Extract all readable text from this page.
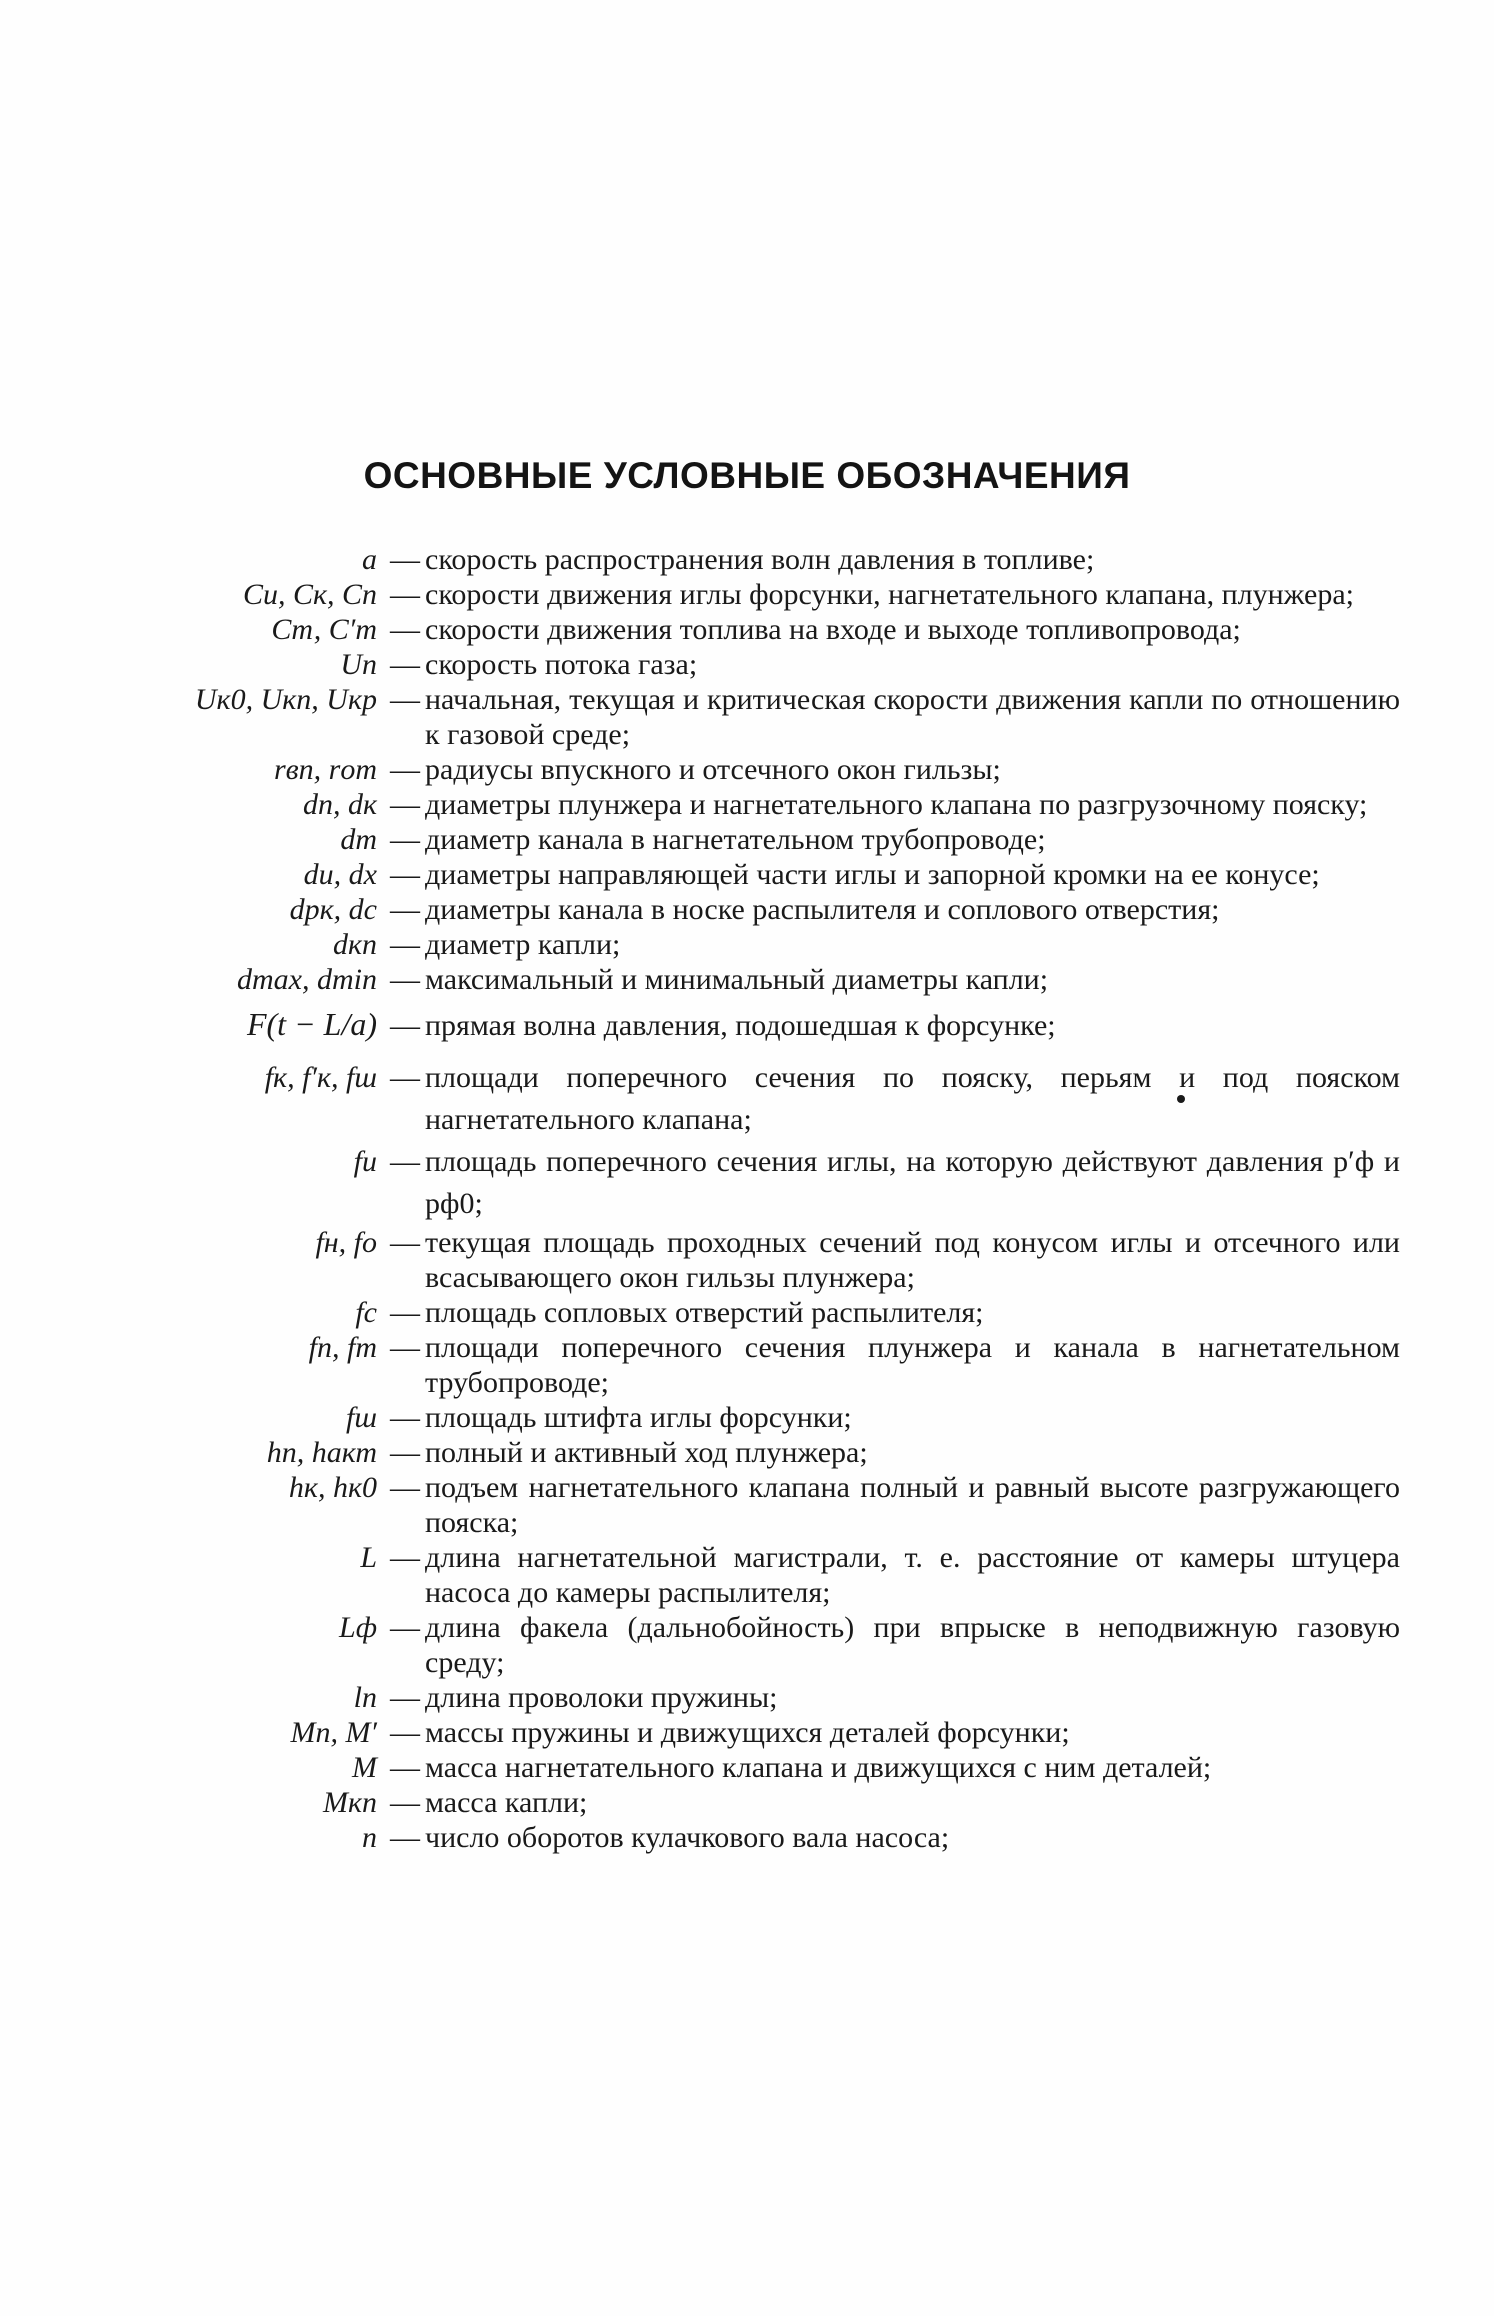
ОСНОВНЫЕ УСЛОВНЫЕ ОБОЗНАЧЕНИЯ
a — скорость распространения волн давления в топливе;
Cи, Cк, Cп — скорости движения иглы форсунки, нагнетательного клапана, плунжера;
Cт, C′т — скорости движения топлива на входе и выходе топливопровода;
Uп — скорость потока газа;
Uк0, Uкп, Uкр — начальная, текущая и критическая скорости движения капли по отношению к газовой среде;
rвп, rот — радиусы впускного и отсечного окон гильзы;
dп, dк — диаметры плунжера и нагнетательного клапана по разгрузочному пояску;
dт — диаметр канала в нагнетательном трубопроводе;
dи, dх — диаметры направляющей части иглы и запорной кромки на ее конусе;
dрк, dс — диаметры канала в носке распылителя и соплового отверстия;
dкп — диаметр капли;
dmax, dmin — максимальный и минимальный диаметры капли;
F(t − L/a) — прямая волна давления, подошедшая к форсунке;
fк, f′к, fш — площади поперечного сечения по пояску, перьям и под пояском нагнетательного клапана;
fи — площадь поперечного сечения иглы, на которую действуют давления p′ф и pф0;
fн, fо — текущая площадь проходных сечений под конусом иглы и отсечного или всасывающего окон гильзы плунжера;
fс — площадь сопловых отверстий распылителя;
fп, fт — площади поперечного сечения плунжера и канала в нагнетательном трубопроводе;
fш — площадь штифта иглы форсунки;
hп, hакт — полный и активный ход плунжера;
hк, hк0 — подъем нагнетательного клапана полный и равный высоте разгружающего пояска;
L — длина нагнетательной магистрали, т. е. расстояние от камеры штуцера насоса до камеры распылителя;
Lф — длина факела (дальнобойность) при впрыске в неподвижную газовую среду;
lп — длина проволоки пружины;
Mп, M′ — массы пружины и движущихся деталей форсунки;
M — масса нагнетательного клапана и движущихся с ним деталей;
Mкп — масса капли;
n — число оборотов кулачкового вала насоса;
